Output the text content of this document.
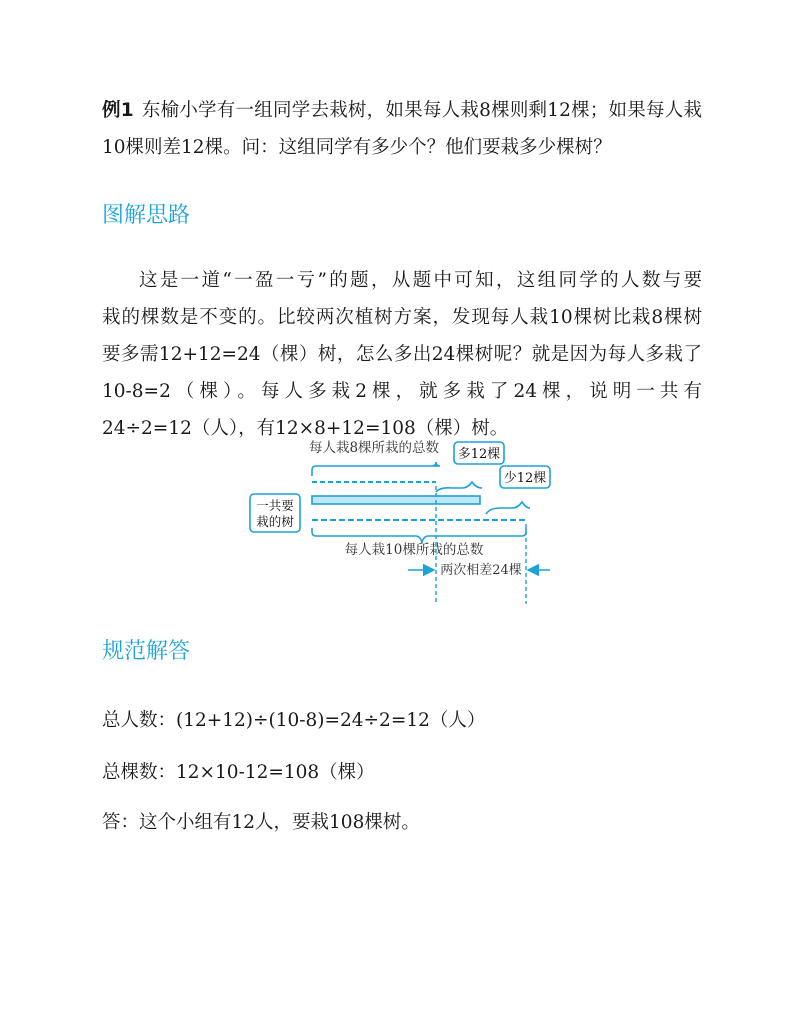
例1 东榆小学有一组同学去栽树，如果每人栽8棵则剩12棵；如果每人栽10棵则差12棵。问：这组同学有多少个？他们要栽多少棵树？

图解思路

这是一道“一盈一亏”的题，从题中可知，这组同学的人数与要
栽的棵数是不变的。比较两次植树方案，发现每人栽10棵树比栽8棵树
要多需12+12=24（棵）树，怎么多出24棵树呢？就是因为每人多栽了
10-8=2（棵）。每人多栽2棵，就多栽了24棵，说明一共有
24÷2=12（人），有12×8+12=108（棵）树。

每人栽8棵所栽的总数 多12棵
少12棵
一共要
栽的树
每人栽10棵所栽的总数
两次相差24棵
规范解答

总人数：(12+12)÷(10-8)=24÷2=12（人）

总棵数：12×10-12=108（棵）

答：这个小组有12人，要栽108棵树。
